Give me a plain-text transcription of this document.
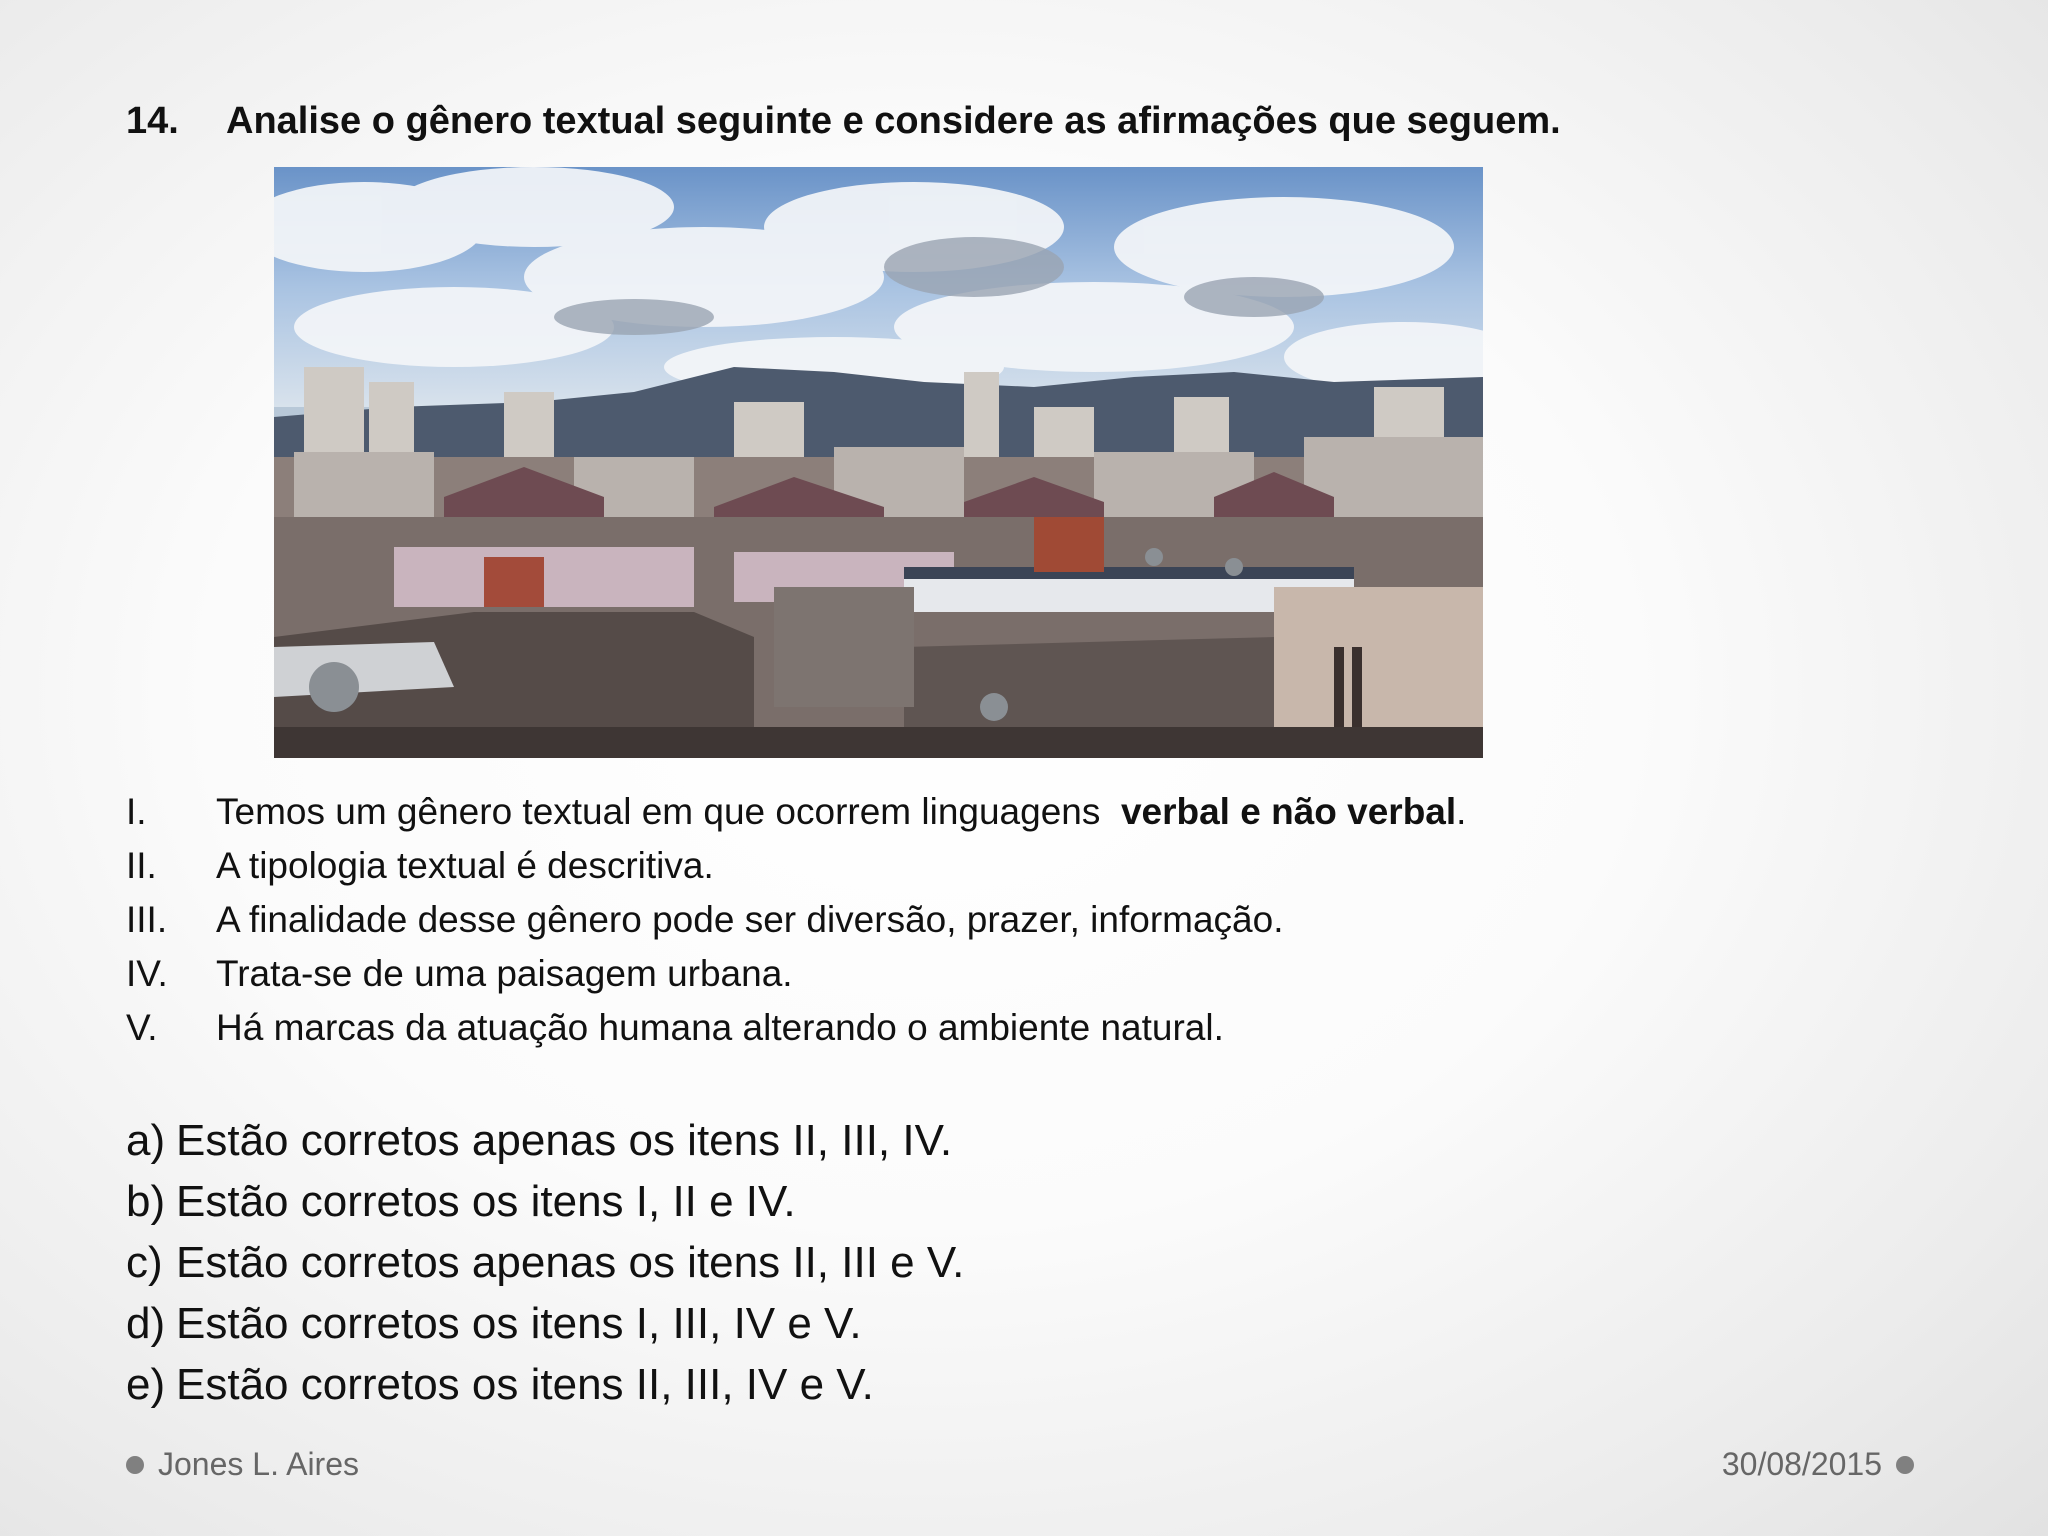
14. Analise o gênero textual seguinte e considere as afirmações que seguem.
I.	Temos um gênero textual em que ocorrem linguagens  verbal e não verbal.
II.	A tipologia textual é descritiva.
III.	A finalidade desse gênero pode ser diversão, prazer, informação.
IV.	Trata-se de uma paisagem urbana.
V.	Há marcas da atuação humana alterando o ambiente natural.
a) Estão corretos apenas os itens II, III, IV.
b) Estão corretos os itens I, II e IV.
c) Estão corretos apenas os itens II, III e V.
d) Estão corretos os itens I, III, IV e V.
e) Estão corretos os itens II, III, IV e V.
Jones L. Aires	30/08/2015
